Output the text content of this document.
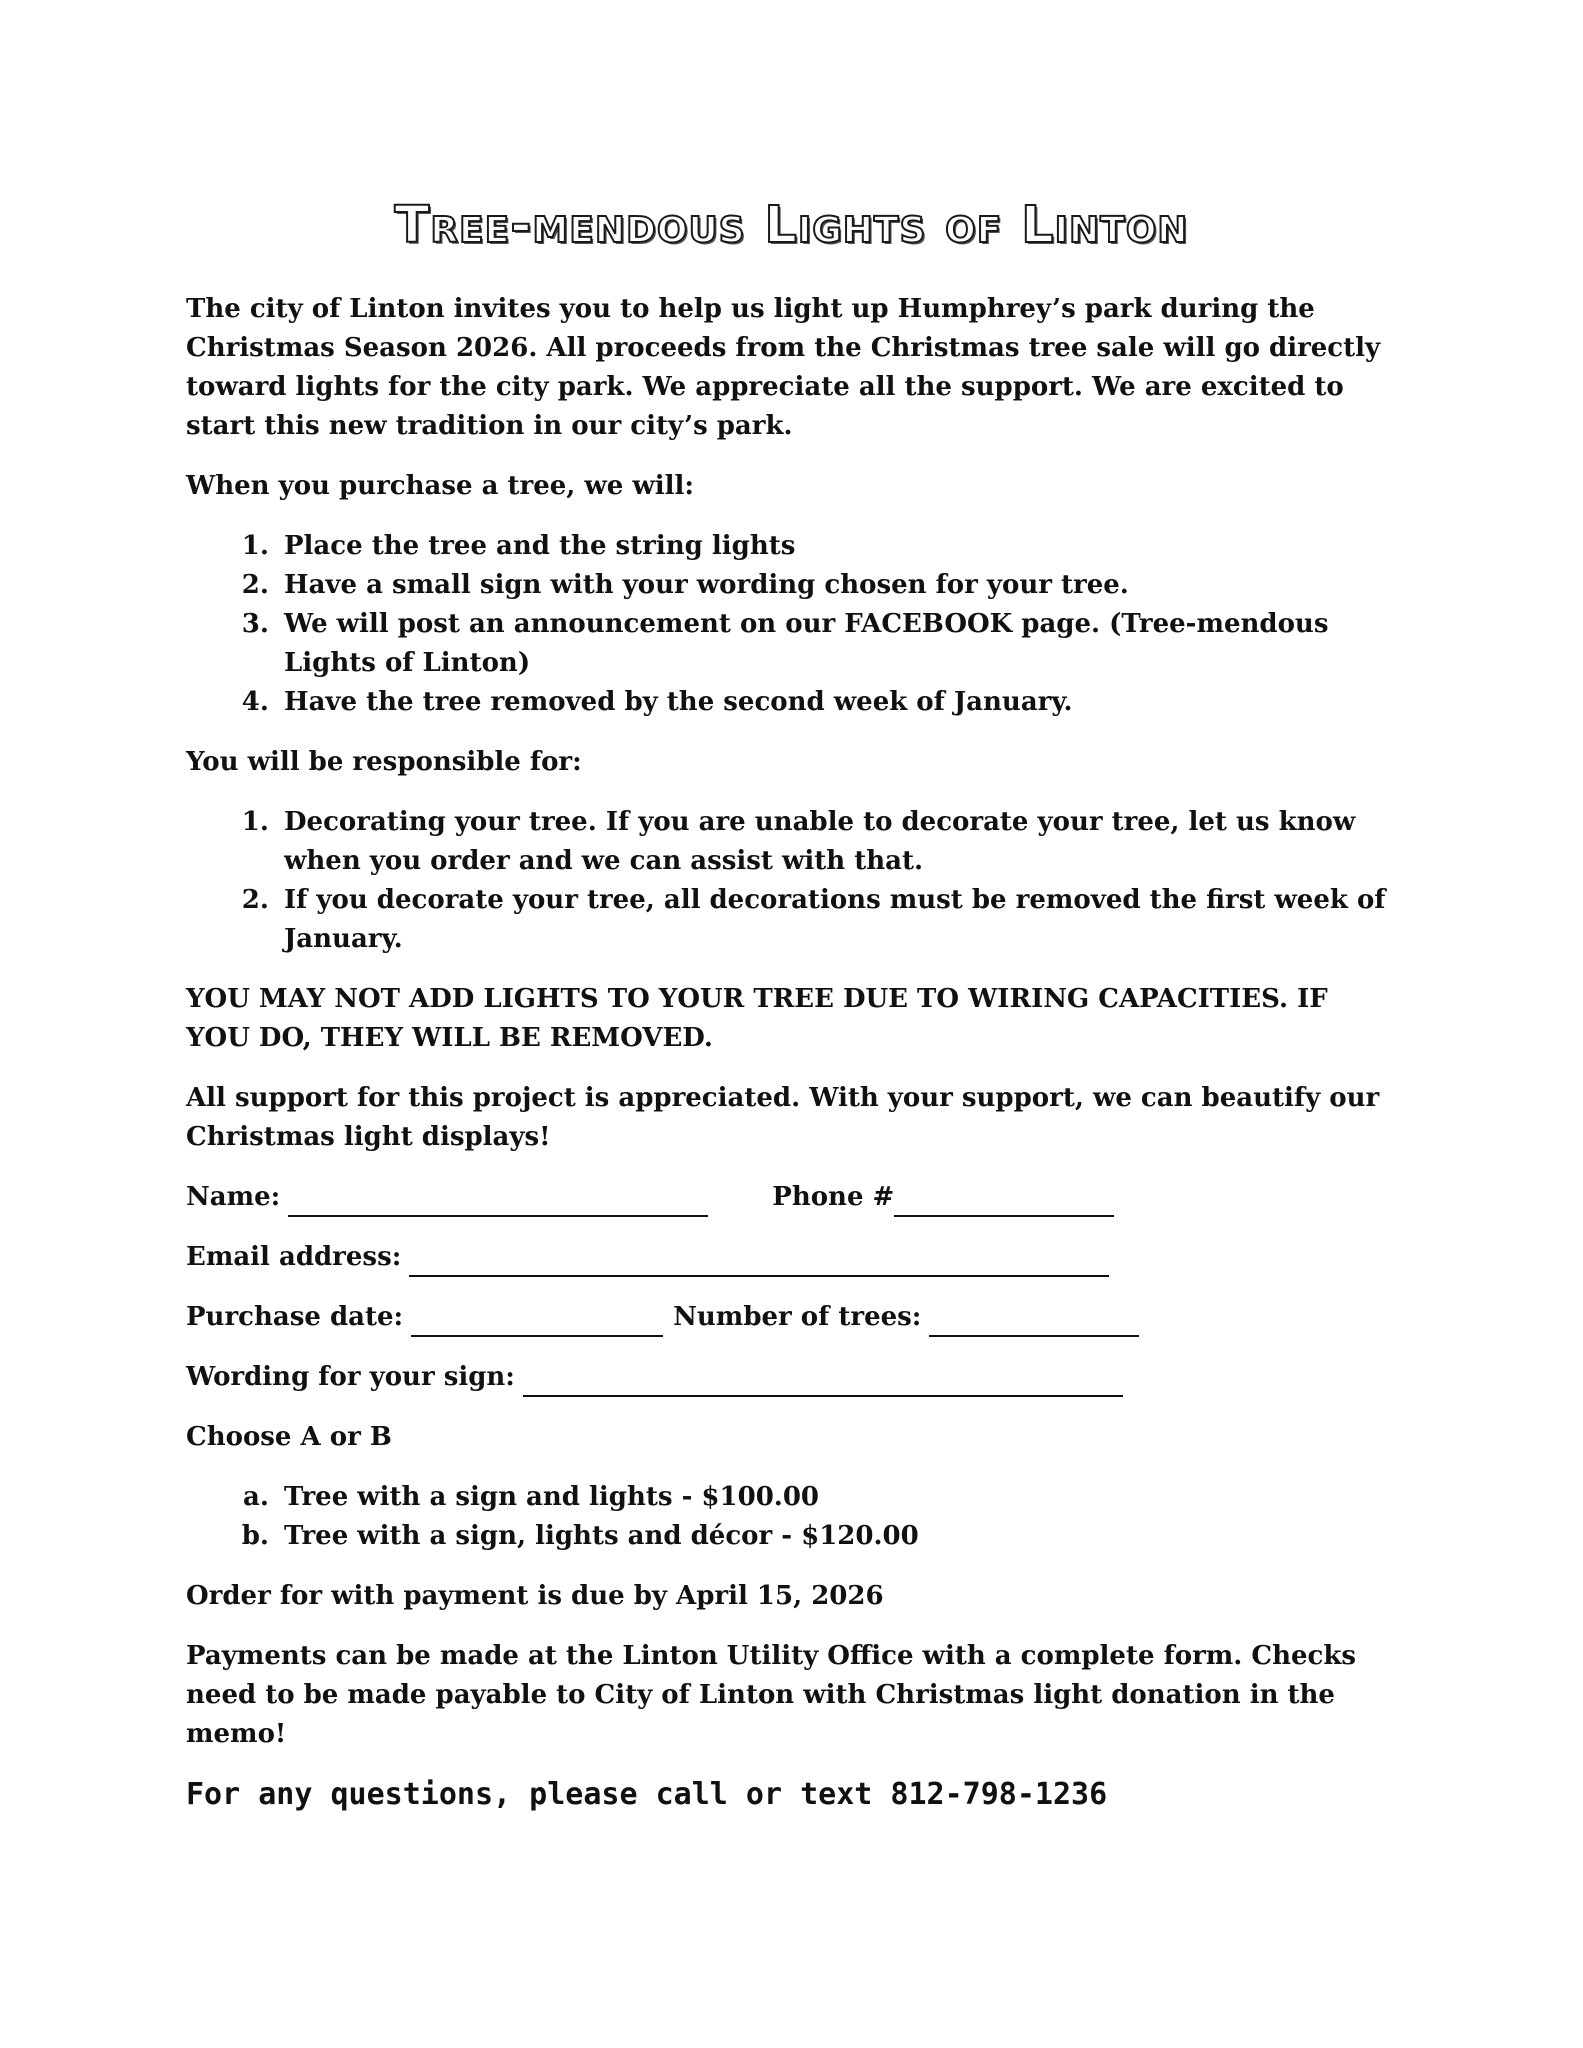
Tree-mendous Lights of Linton

The city of Linton invites you to help us light up Humphrey’s park during the Christmas Season 2026. All proceeds from the Christmas tree sale will go directly toward lights for the city park. We appreciate all the support. We are excited to start this new tradition in our city’s park.

When you purchase a tree, we will:

1. Place the tree and the string lights
2. Have a small sign with your wording chosen for your tree.
3. We will post an announcement on our FACEBOOK page. (Tree-mendous Lights of Linton)
4. Have the tree removed by the second week of January.

You will be responsible for:

1. Decorating your tree. If you are unable to decorate your tree, let us know when you order and we can assist with that.
2. If you decorate your tree, all decorations must be removed the first week of January.

YOU MAY NOT ADD LIGHTS TO YOUR TREE DUE TO WIRING CAPACITIES. IF YOU DO, THEY WILL BE REMOVED.

All support for this project is appreciated. With your support, we can beautify our Christmas light displays!

Name:	Phone #
Email address:
Purchase date:	Number of trees:
Wording for your sign:

Choose A or B

a. Tree with a sign and lights - $100.00
b. Tree with a sign, lights and décor - $120.00

Order for with payment is due by April 15, 2026

Payments can be made at the Linton Utility Office with a complete form. Checks need to be made payable to City of Linton with Christmas light donation in the memo!

For any questions, please call or text 812-798-1236
